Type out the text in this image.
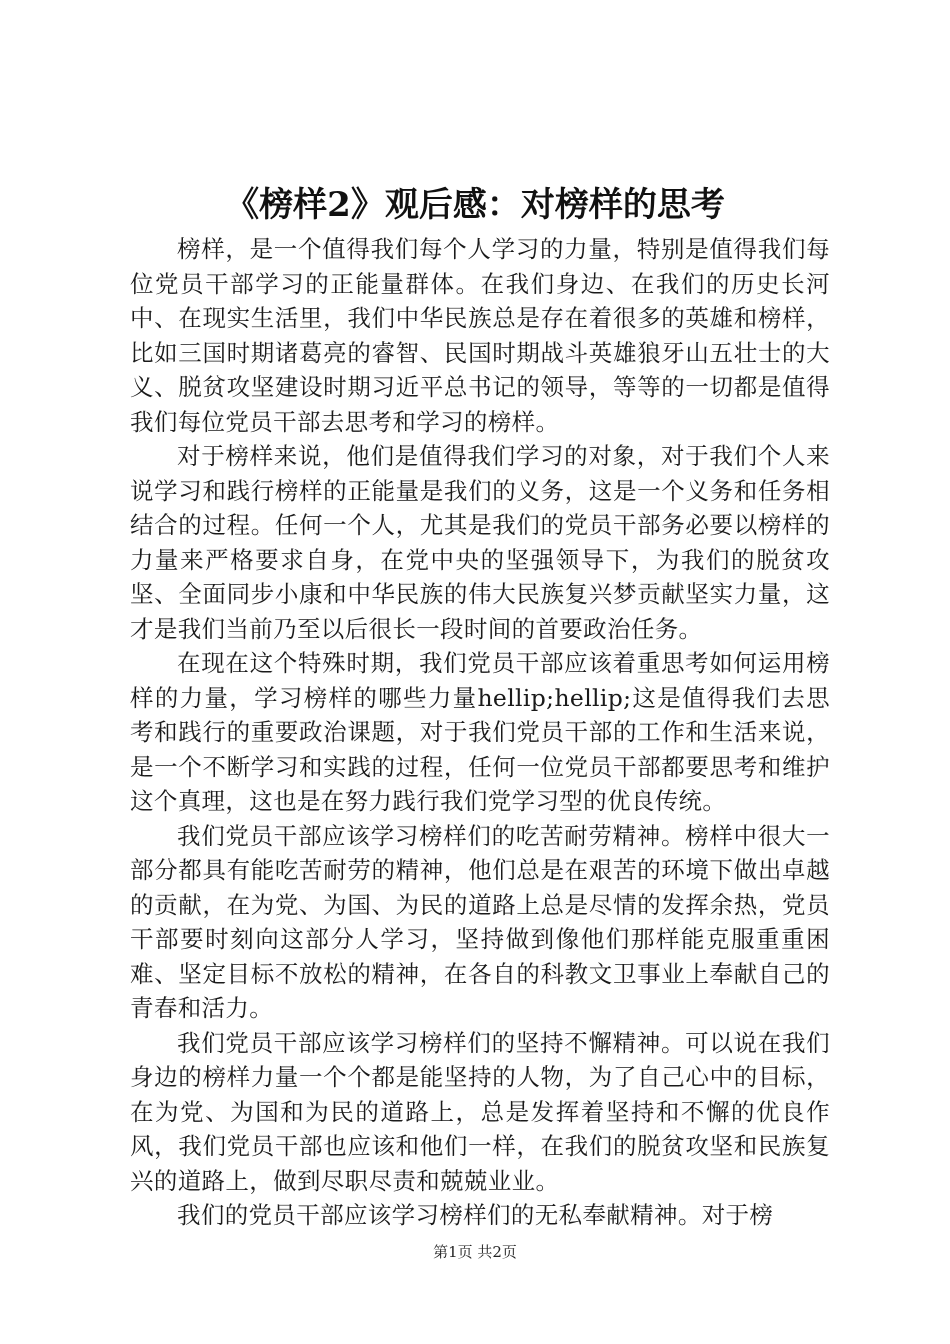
《榜样2》观后感：对榜样的思考

榜样，是一个值得我们每个人学习的力量，特别是值得我们每位党员干部学习的正能量群体。在我们身边、在我们的历史长河中、在现实生活里，我们中华民族总是存在着很多的英雄和榜样，比如三国时期诸葛亮的睿智、民国时期战斗英雄狼牙山五壮士的大义、脱贫攻坚建设时期习近平总书记的领导，等等的一切都是值得我们每位党员干部去思考和学习的榜样。

对于榜样来说，他们是值得我们学习的对象，对于我们个人来说学习和践行榜样的正能量是我们的义务，这是一个义务和任务相结合的过程。任何一个人，尤其是我们的党员干部务必要以榜样的力量来严格要求自身，在党中央的坚强领导下，为我们的脱贫攻坚、全面同步小康和中华民族的伟大民族复兴梦贡献坚实力量，这才是我们当前乃至以后很长一段时间的首要政治任务。

在现在这个特殊时期，我们党员干部应该着重思考如何运用榜样的力量，学习榜样的哪些力量hellip;hellip;这是值得我们去思考和践行的重要政治课题，对于我们党员干部的工作和生活来说，是一个不断学习和实践的过程，任何一位党员干部都要思考和维护这个真理，这也是在努力践行我们党学习型的优良传统。

我们党员干部应该学习榜样们的吃苦耐劳精神。榜样中很大一部分都具有能吃苦耐劳的精神，他们总是在艰苦的环境下做出卓越的贡献，在为党、为国、为民的道路上总是尽情的发挥余热，党员干部要时刻向这部分人学习，坚持做到像他们那样能克服重重困难、坚定目标不放松的精神，在各自的科教文卫事业上奉献自己的青春和活力。

我们党员干部应该学习榜样们的坚持不懈精神。可以说在我们身边的榜样力量一个个都是能坚持的人物，为了自己心中的目标，在为党、为国和为民的道路上，总是发挥着坚持和不懈的优良作风，我们党员干部也应该和他们一样，在我们的脱贫攻坚和民族复兴的道路上，做到尽职尽责和兢兢业业。

我们的党员干部应该学习榜样们的无私奉献精神。对于榜

第1页 共2页
